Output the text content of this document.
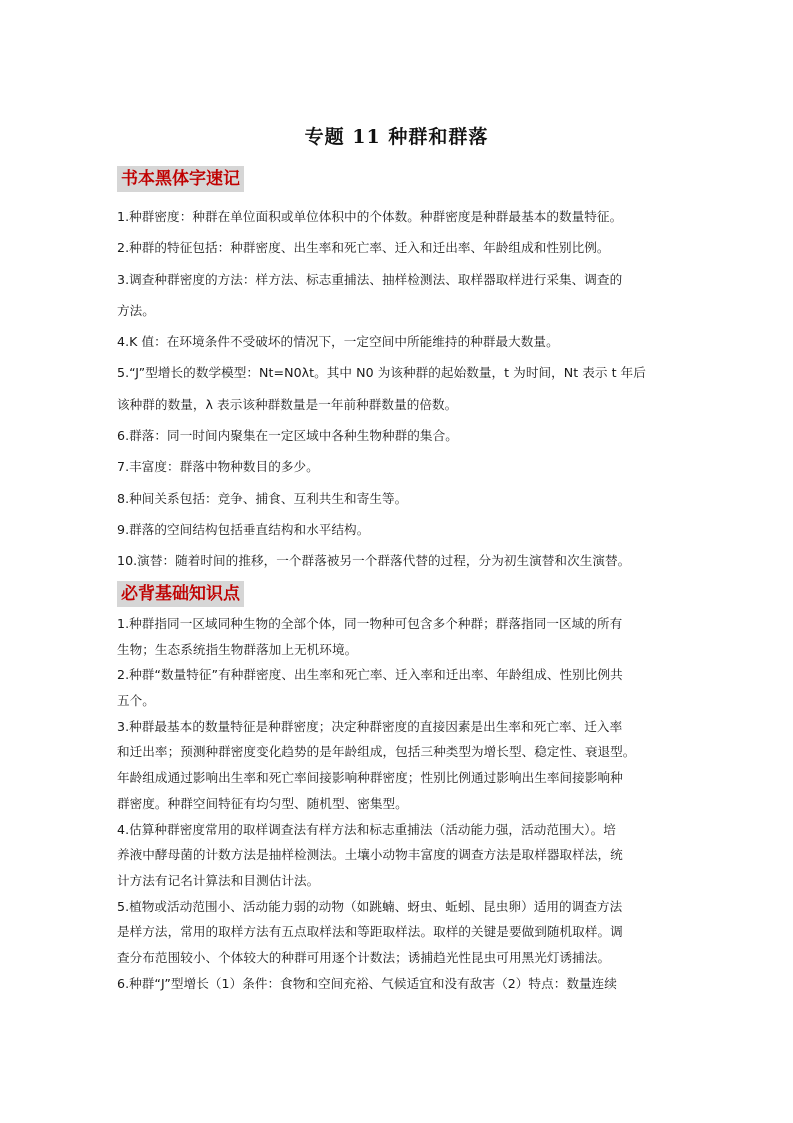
专题 11 种群和群落
书本黑体字速记
1.种群密度：种群在单位面积或单位体积中的个体数。种群密度是种群最基本的数量特征。
2.种群的特征包括：种群密度、出生率和死亡率、迁入和迁出率、年龄组成和性别比例。
3.调查种群密度的方法：样方法、标志重捕法、抽样检测法、取样器取样进行采集、调查的
方法。
4.K 值：在环境条件不受破坏的情况下，一定空间中所能维持的种群最大数量。
5.“J”型增长的数学模型：Nt=N0λt。其中 N0 为该种群的起始数量，t 为时间，Nt 表示 t 年后
该种群的数量，λ 表示该种群数量是一年前种群数量的倍数。
6.群落：同一时间内聚集在一定区域中各种生物种群的集合。
7.丰富度：群落中物种数目的多少。
8.种间关系包括：竞争、捕食、互利共生和寄生等。
9.群落的空间结构包括垂直结构和水平结构。
10.演替：随着时间的推移，一个群落被另一个群落代替的过程，分为初生演替和次生演替。
必背基础知识点
1.种群指同一区域同种生物的全部个体，同一物种可包含多个种群；群落指同一区域的所有
生物；生态系统指生物群落加上无机环境。
2.种群“数量特征”有种群密度、出生率和死亡率、迁入率和迁出率、年龄组成、性别比例共
五个。
3.种群最基本的数量特征是种群密度；决定种群密度的直接因素是出生率和死亡率、迁入率
和迁出率；预测种群密度变化趋势的是年龄组成，包括三种类型为增长型、稳定性、衰退型。
年龄组成通过影响出生率和死亡率间接影响种群密度；性别比例通过影响出生率间接影响种
群密度。种群空间特征有均匀型、随机型、密集型。
4.估算种群密度常用的取样调查法有样方法和标志重捕法（活动能力强，活动范围大）。培
养液中酵母菌的计数方法是抽样检测法。土壤小动物丰富度的调查方法是取样器取样法，统
计方法有记名计算法和目测估计法。
5.植物或活动范围小、活动能力弱的动物（如跳蝻、蚜虫、蚯蚓、昆虫卵）适用的调查方法
是样方法，常用的取样方法有五点取样法和等距取样法。取样的关键是要做到随机取样。调
查分布范围较小、个体较大的种群可用逐个计数法；诱捕趋光性昆虫可用黑光灯诱捕法。
6.种群“J”型增长（1）条件：食物和空间充裕、气候适宜和没有敌害（2）特点：数量连续
